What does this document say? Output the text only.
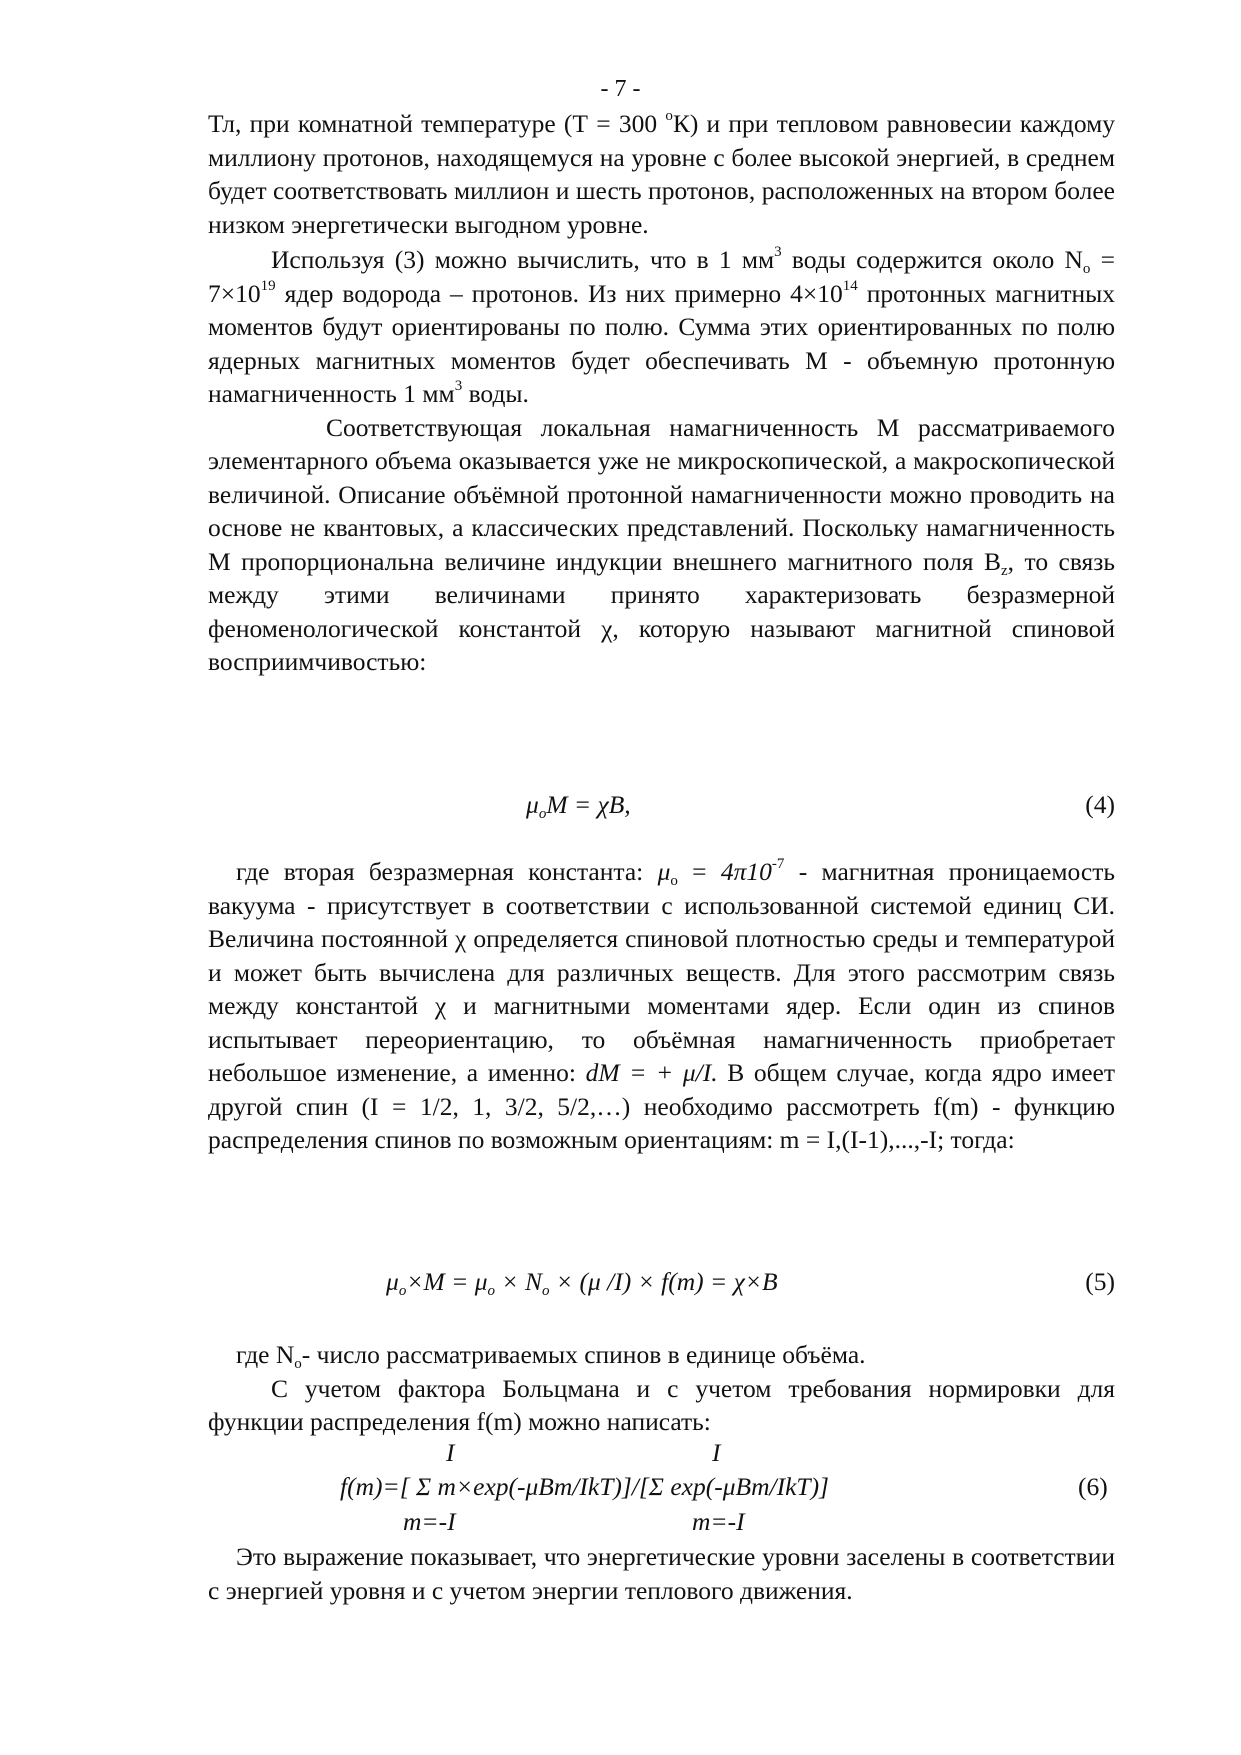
- 7 -

Тл, при комнатной температуре (Т = 300 $^o$К) и при тепловом равновесии каждому миллиону протонов, находящемуся на уровне с более высокой энергией, в среднем будет соответствовать миллион и шесть протонов, расположенных на втором более низком энергетически выгодном уровне.

Используя (3) можно вычислить, что в 1 $мм^3$ воды содержится около $N_o = 7\times 10^{19}$ ядер водорода – протонов. Из них примерно $4\times 10^{14}$ протонных магнитных моментов будут ориентированы по полю. Сумма этих ориентированных по полю ядерных магнитных моментов будет обеспечивать М - объемную протонную намагниченность 1 $мм^3$ воды.

Соответствующая локальная намагниченность М рассматриваемого элементарного объема оказывается уже не микроскопической, а макроскопической величиной. Описание объёмной протонной намагниченности можно проводить на основе не квантовых, а классических представлений. Поскольку намагниченность М пропорциональна величине индукции внешнего магнитного поля $B_z$, то связь между этими величинами принято характеризовать безразмерной феноменологической константой χ, которую называют магнитной спиновой восприимчивостью:

$\mu_oM = \chi B$,	(4)

где вторая безразмерная константа: $\mu_o = 4\pi 10^{-7}$ - магнитная проницаемость вакуума - присутствует в соответствии с использованной системой единиц СИ. Величина постоянной χ определяется спиновой плотностью среды и температурой и может быть вычислена для различных веществ. Для этого рассмотрим связь между константой χ и магнитными моментами ядер. Если один из спинов испытывает переориентацию, то объёмная намагниченность приобретает небольшое изменение, а именно: dM = + μ/I. В общем случае, когда ядро имеет другой спин (I = 1/2, 1, 3/2, 5/2,…) необходимо рассмотреть f(m) - функцию распределения спинов по возможным ориентациям: m = I,(I-1),...,-I; тогда:

$\mu_o\times M = \mu_o \times N_o \times (\mu$ /I) × f(m) = χ×B	(5)

где $N_o-$ число рассматриваемых спинов в единице объёма.

С учетом фактора Больцмана и с учетом требования нормировки для функции распределения f(m) можно написать:

I	I
f(m)=[ Σ m×exp(-μBm/IkT)]/[Σ exp(-μBm/IkT)]	(6)
m=-I	m=-I

Это выражение показывает, что энергетические уровни заселены в соответствии с энергией уровня и с учетом энергии теплового движения.
